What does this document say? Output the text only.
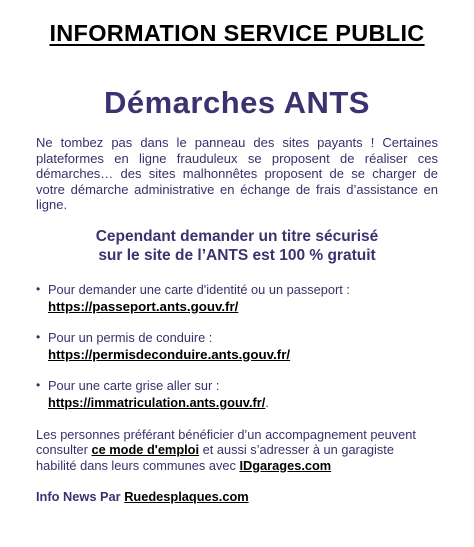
INFORMATION SERVICE PUBLIC
Démarches ANTS
Ne tombez pas dans le panneau des sites payants ! Certaines plateformes en ligne frauduleux se proposent de réaliser ces démarches… des sites malhonnêtes proposent de se charger de votre démarche administrative en échange de frais d’assistance en ligne.
Cependant demander un titre sécurisé
sur le site de l’ANTS est 100 % gratuit
• Pour demander une carte d'identité ou un passeport :
https://passeport.ants.gouv.fr/
• Pour un permis de conduire :
https://permisdeconduire.ants.gouv.fr/
• Pour une carte grise aller sur :
https://immatriculation.ants.gouv.fr/.
Les personnes préférant bénéficier d’un accompagnement peuvent consulter ce mode d'emploi et aussi s’adresser à un garagiste habilité dans leurs communes avec IDgarages.com
Info News Par Ruedesplaques.com
